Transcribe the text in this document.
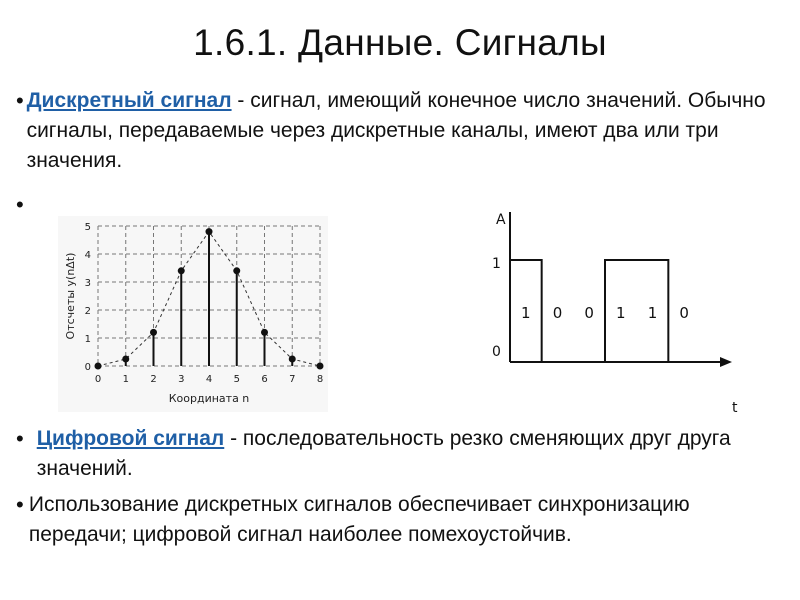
1.6.1. Данные. Сигналы
• Дискретный сигнал - сигнал, имеющий конечное число значений. Обычно сигналы, передаваемые через дискретные каналы, имеют два или три значения.
•
0 1 2 3 4 5 6 7 8
0
1
2
3
4
5
Координата n
Отсчеты y(nΔt)
A
t
1
0
1 0 0 1 1 0
• Цифровой сигнал - последовательность резко сменяющих друг друга значений.
• Использование дискретных сигналов обеспечивает синхронизацию передачи; цифровой сигнал наиболее помехоустойчив.
